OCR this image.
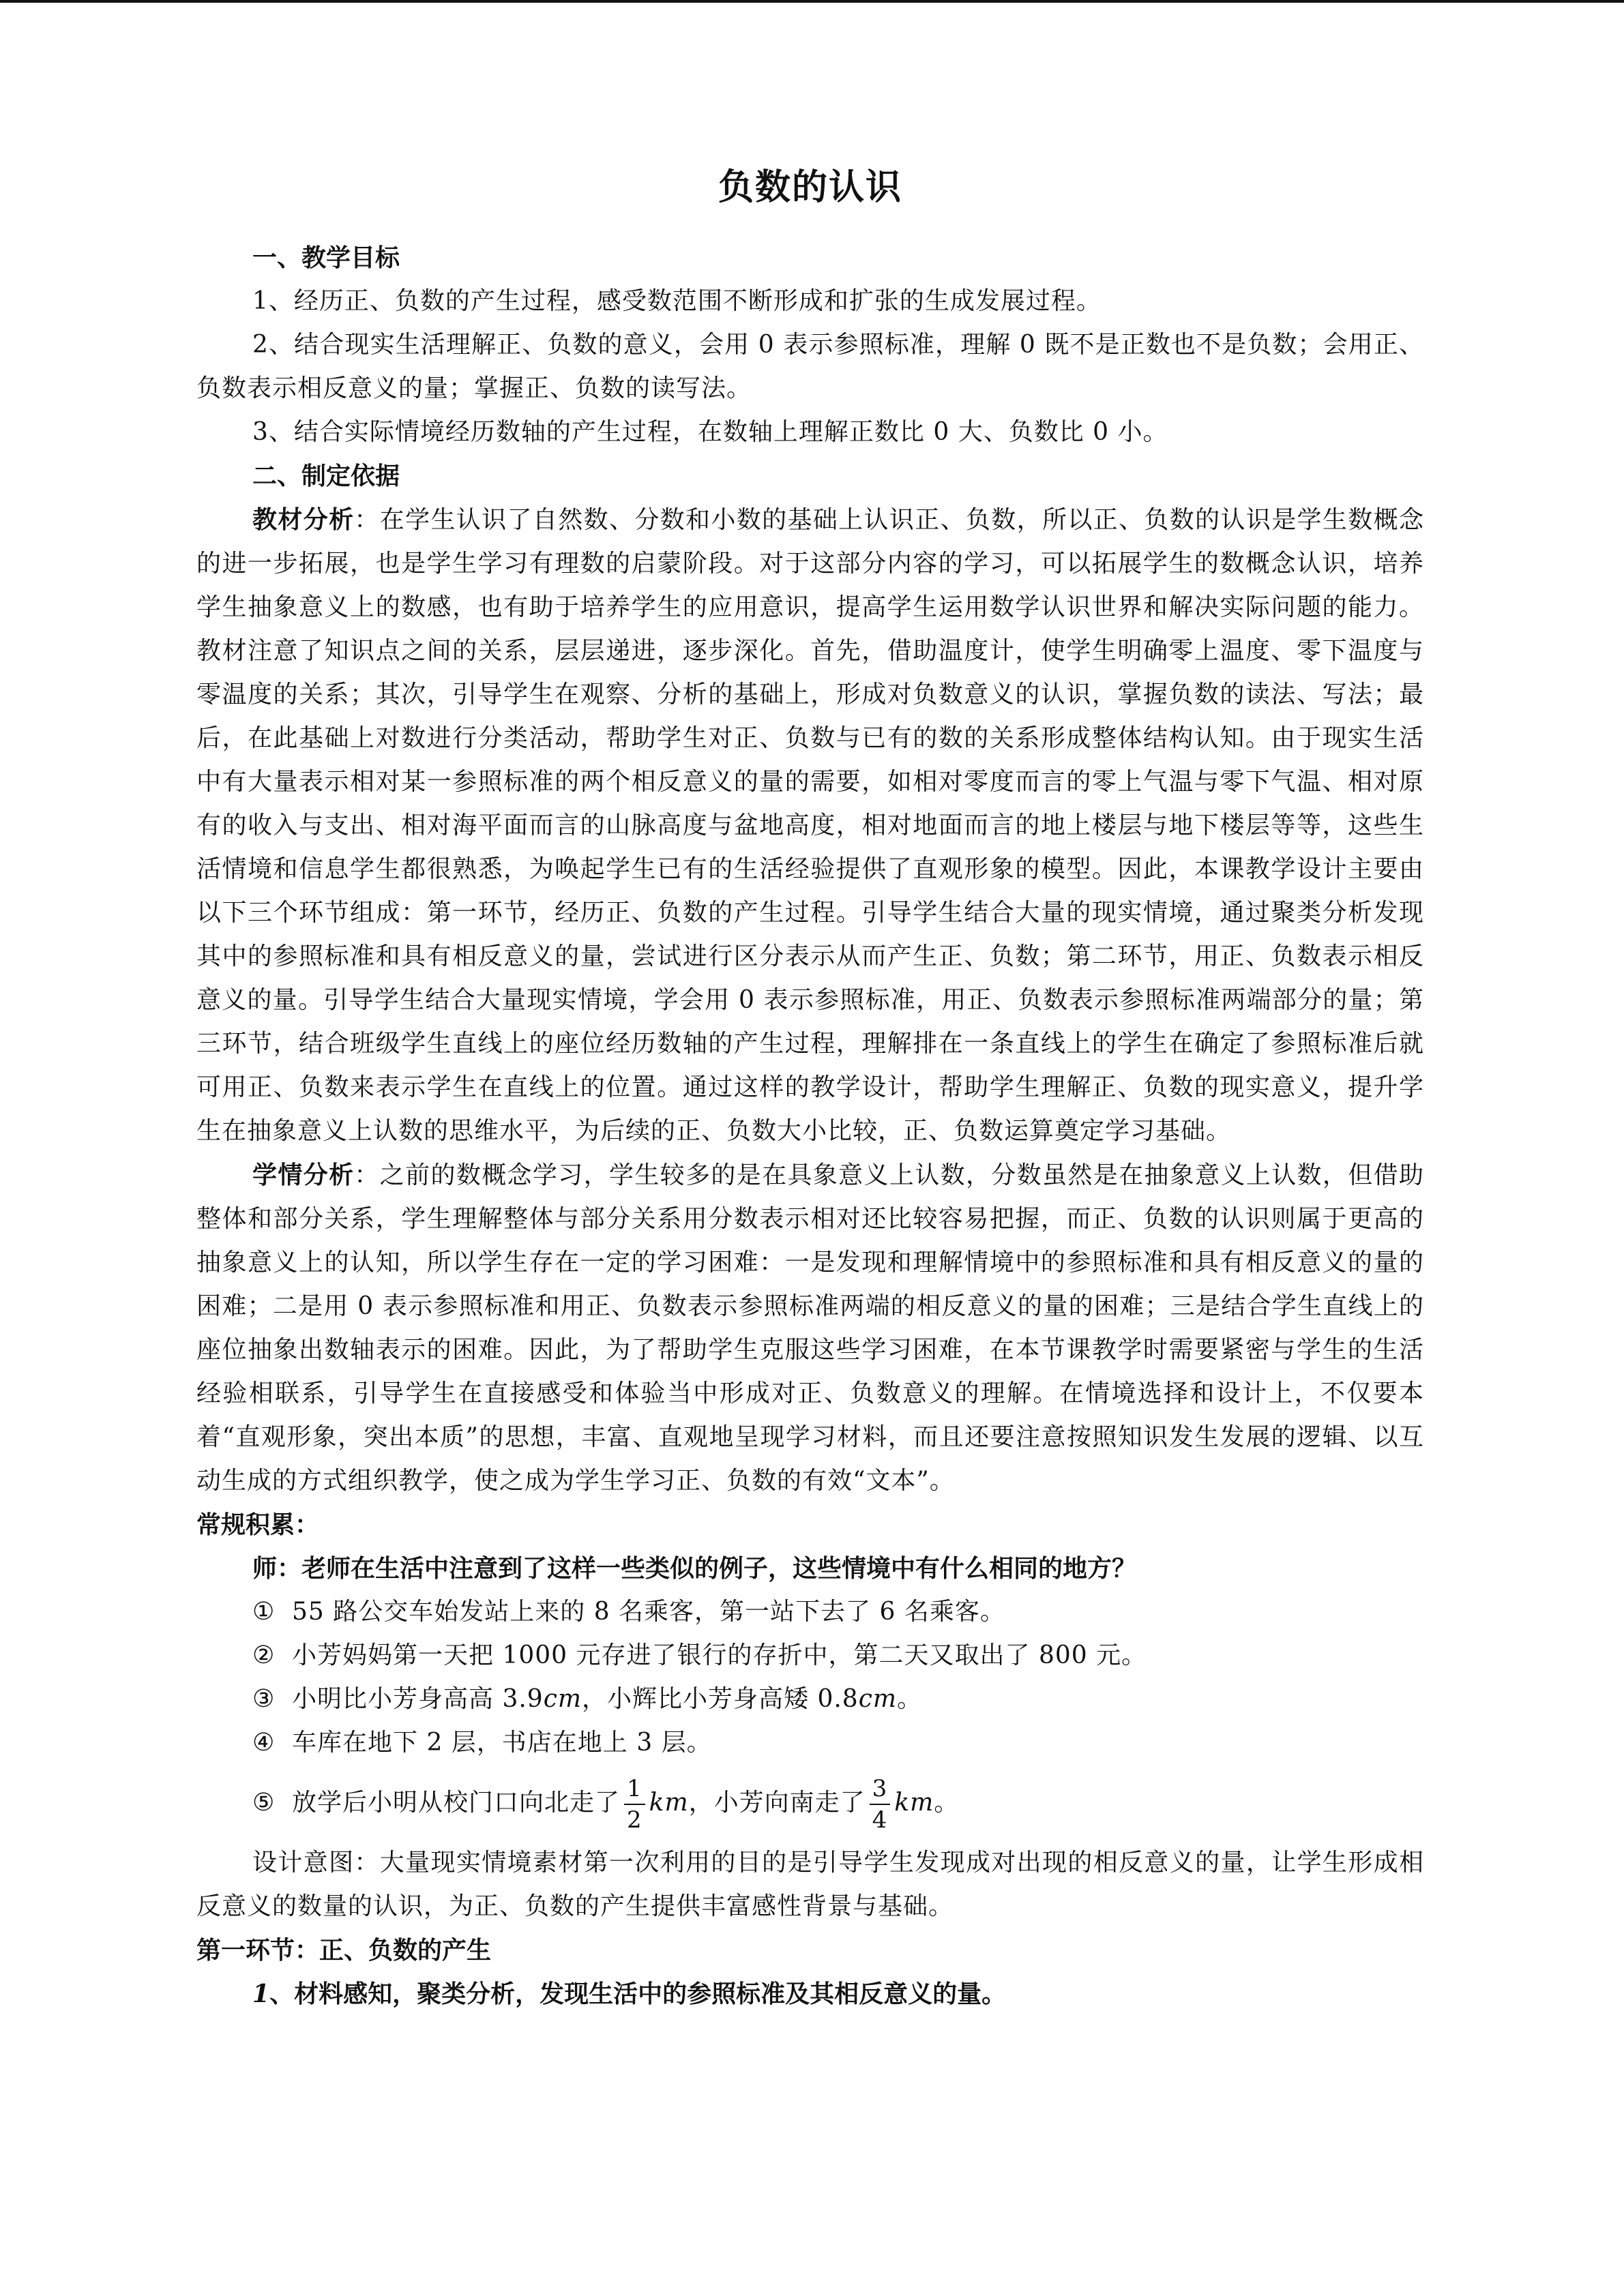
负数的认识
一、教学目标

1、经历正、负数的产生过程，感受数范围不断形成和扩张的生成发展过程。

2、结合现实生活理解正、负数的意义，会用 0 表示参照标准，理解 0 既不是正数也不是负数；会用正、负数表示相反意义的量；掌握正、负数的读写法。

3、结合实际情境经历数轴的产生过程，在数轴上理解正数比 0 大、负数比 0 小。

二、制定依据

教材分析：在学生认识了自然数、分数和小数的基础上认识正、负数，所以正、负数的认识是学生数概念的进一步拓展，也是学生学习有理数的启蒙阶段。对于这部分内容的学习，可以拓展学生的数概念认识，培养学生抽象意义上的数感，也有助于培养学生的应用意识，提高学生运用数学认识世界和解决实际问题的能力。教材注意了知识点之间的关系，层层递进，逐步深化。首先，借助温度计，使学生明确零上温度、零下温度与零温度的关系；其次，引导学生在观察、分析的基础上，形成对负数意义的认识，掌握负数的读法、写法；最后，在此基础上对数进行分类活动，帮助学生对正、负数与已有的数的关系形成整体结构认知。由于现实生活中有大量表示相对某一参照标准的两个相反意义的量的需要，如相对零度而言的零上气温与零下气温、相对原有的收入与支出、相对海平面而言的山脉高度与盆地高度，相对地面而言的地上楼层与地下楼层等等，这些生活情境和信息学生都很熟悉，为唤起学生已有的生活经验提供了直观形象的模型。因此，本课教学设计主要由以下三个环节组成：第一环节，经历正、负数的产生过程。引导学生结合大量的现实情境，通过聚类分析发现其中的参照标准和具有相反意义的量，尝试进行区分表示从而产生正、负数；第二环节，用正、负数表示相反意义的量。引导学生结合大量现实情境，学会用 0 表示参照标准，用正、负数表示参照标准两端部分的量；第三环节，结合班级学生直线上的座位经历数轴的产生过程，理解排在一条直线上的学生在确定了参照标准后就可用正、负数来表示学生在直线上的位置。通过这样的教学设计，帮助学生理解正、负数的现实意义，提升学生在抽象意义上认数的思维水平，为后续的正、负数大小比较，正、负数运算奠定学习基础。

学情分析：之前的数概念学习，学生较多的是在具象意义上认数，分数虽然是在抽象意义上认数，但借助整体和部分关系，学生理解整体与部分关系用分数表示相对还比较容易把握，而正、负数的认识则属于更高的抽象意义上的认知，所以学生存在一定的学习困难：一是发现和理解情境中的参照标准和具有相反意义的量的困难；二是用 0 表示参照标准和用正、负数表示参照标准两端的相反意义的量的困难；三是结合学生直线上的座位抽象出数轴表示的困难。因此，为了帮助学生克服这些学习困难，在本节课教学时需要紧密与学生的生活经验相联系，引导学生在直接感受和体验当中形成对正、负数意义的理解。在情境选择和设计上，不仅要本着“直观形象，突出本质”的思想，丰富、直观地呈现学习材料，而且还要注意按照知识发生发展的逻辑、以互动生成的方式组织教学，使之成为学生学习正、负数的有效“文本”。

常规积累：
师：老师在生活中注意到了这样一些类似的例子，这些情境中有什么相同的地方？
① 55 路公交车始发站上来的 8 名乘客，第一站下去了 6 名乘客。
② 小芳妈妈第一天把 1000 元存进了银行的存折中，第二天又取出了 800 元。
③ 小明比小芳身高高 3.9cm，小辉比小芳身高矮 0.8cm。
④ 车库在地下 2 层，书店在地上 3 层。
⑤ 放学后小明从校门口向北走了 $\frac{1}{2}$ km，小芳向南走了 $\frac{3}{4}$ km。

设计意图：大量现实情境素材第一次利用的目的是引导学生发现成对出现的相反意义的量，让学生形成相反意义的数量的认识，为正、负数的产生提供丰富感性背景与基础。

第一环节：正、负数的产生
1、材料感知，聚类分析，发现生活中的参照标准及其相反意义的量。
